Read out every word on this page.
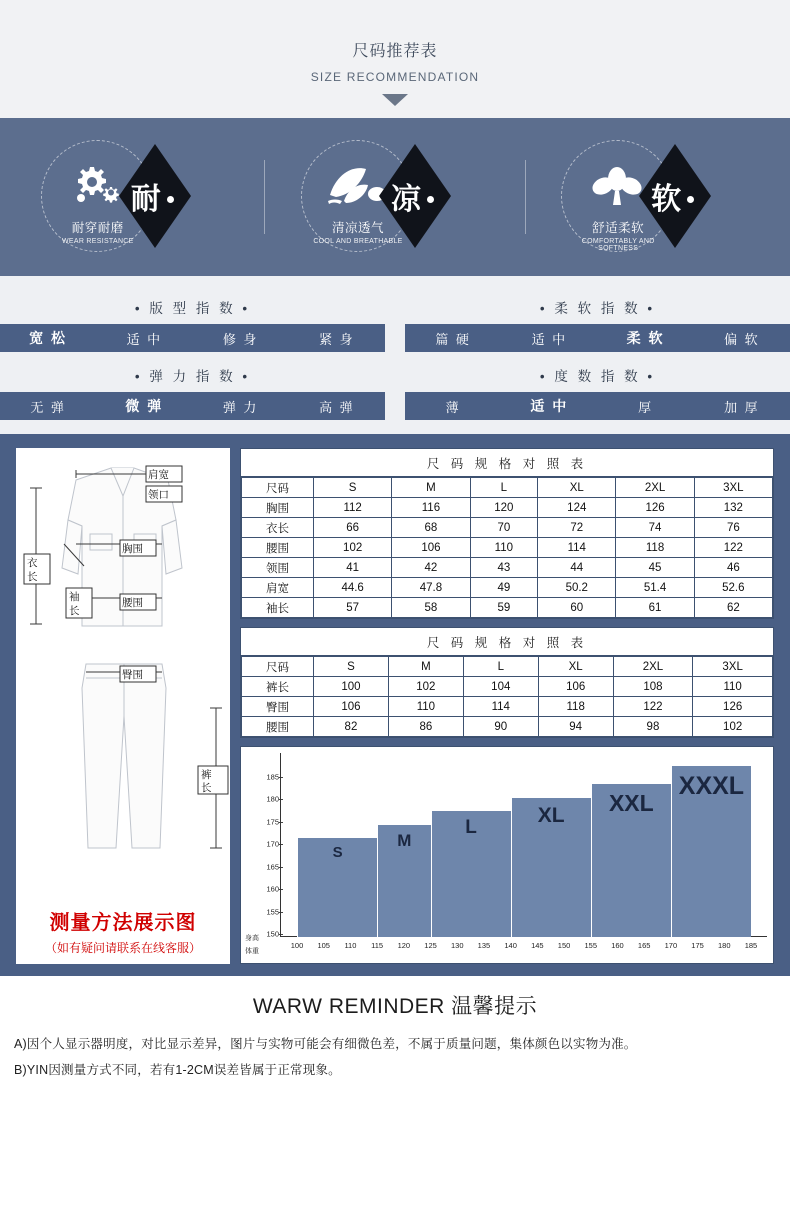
尺码推荐表
SIZE RECOMMENDATION
耐穿耐磨
WEAR RESISTANCE
耐
清凉透气
COOL AND BREATHABLE
凉
舒适柔软
COMFORTABLY AND SOFTNESS
软
• 版 型 指 数 •
宽 松	适 中	修 身	紧 身
• 柔 软 指 数 •
篇 硬	适 中	柔 软	偏 软
• 弹 力 指 数 •
无 弹	微 弹	弹 力	高 弹
• 度 数 指 数 •
薄	适 中	厚	加 厚
肩宽
领口
胸围
衣
长
袖
长
腰围
臀围
裤
长
测量方法展示图
（如有疑问请联系在线客服）
尺 码 规 格 对 照 表
尺码	S	M	L	XL	2XL	3XL
胸围	112	116	120	124	126	132
衣长	66	68	70	72	74	76
腰围	102	106	110	114	118	122
领围	41	42	43	44	45	46
肩宽	44.6	47.8	49	50.2	51.4	52.6
袖长	57	58	59	60	61	62
尺 码 规 格 对 照 表
尺码	S	M	L	XL	2XL	3XL
裤长	100	102	104	106	108	110
臀围	106	110	114	118	122	126
腰围	82	86	90	94	98	102
150
155
160
165
170
175
180
185
S
M
L
XL	XXL
XXXL
100 105 110 115 120 125 130 135 140 145 150 155 160 165 170 175 180 185
身高
体重
WARW REMINDER 温馨提示
A)因个人显示器明度，对比显示差异，图片与实物可能会有细微色差，不属于质量问题，集体颜色以实物为准。
B)YIN因测量方式不同，若有1-2CM误差皆属于正常现象。
